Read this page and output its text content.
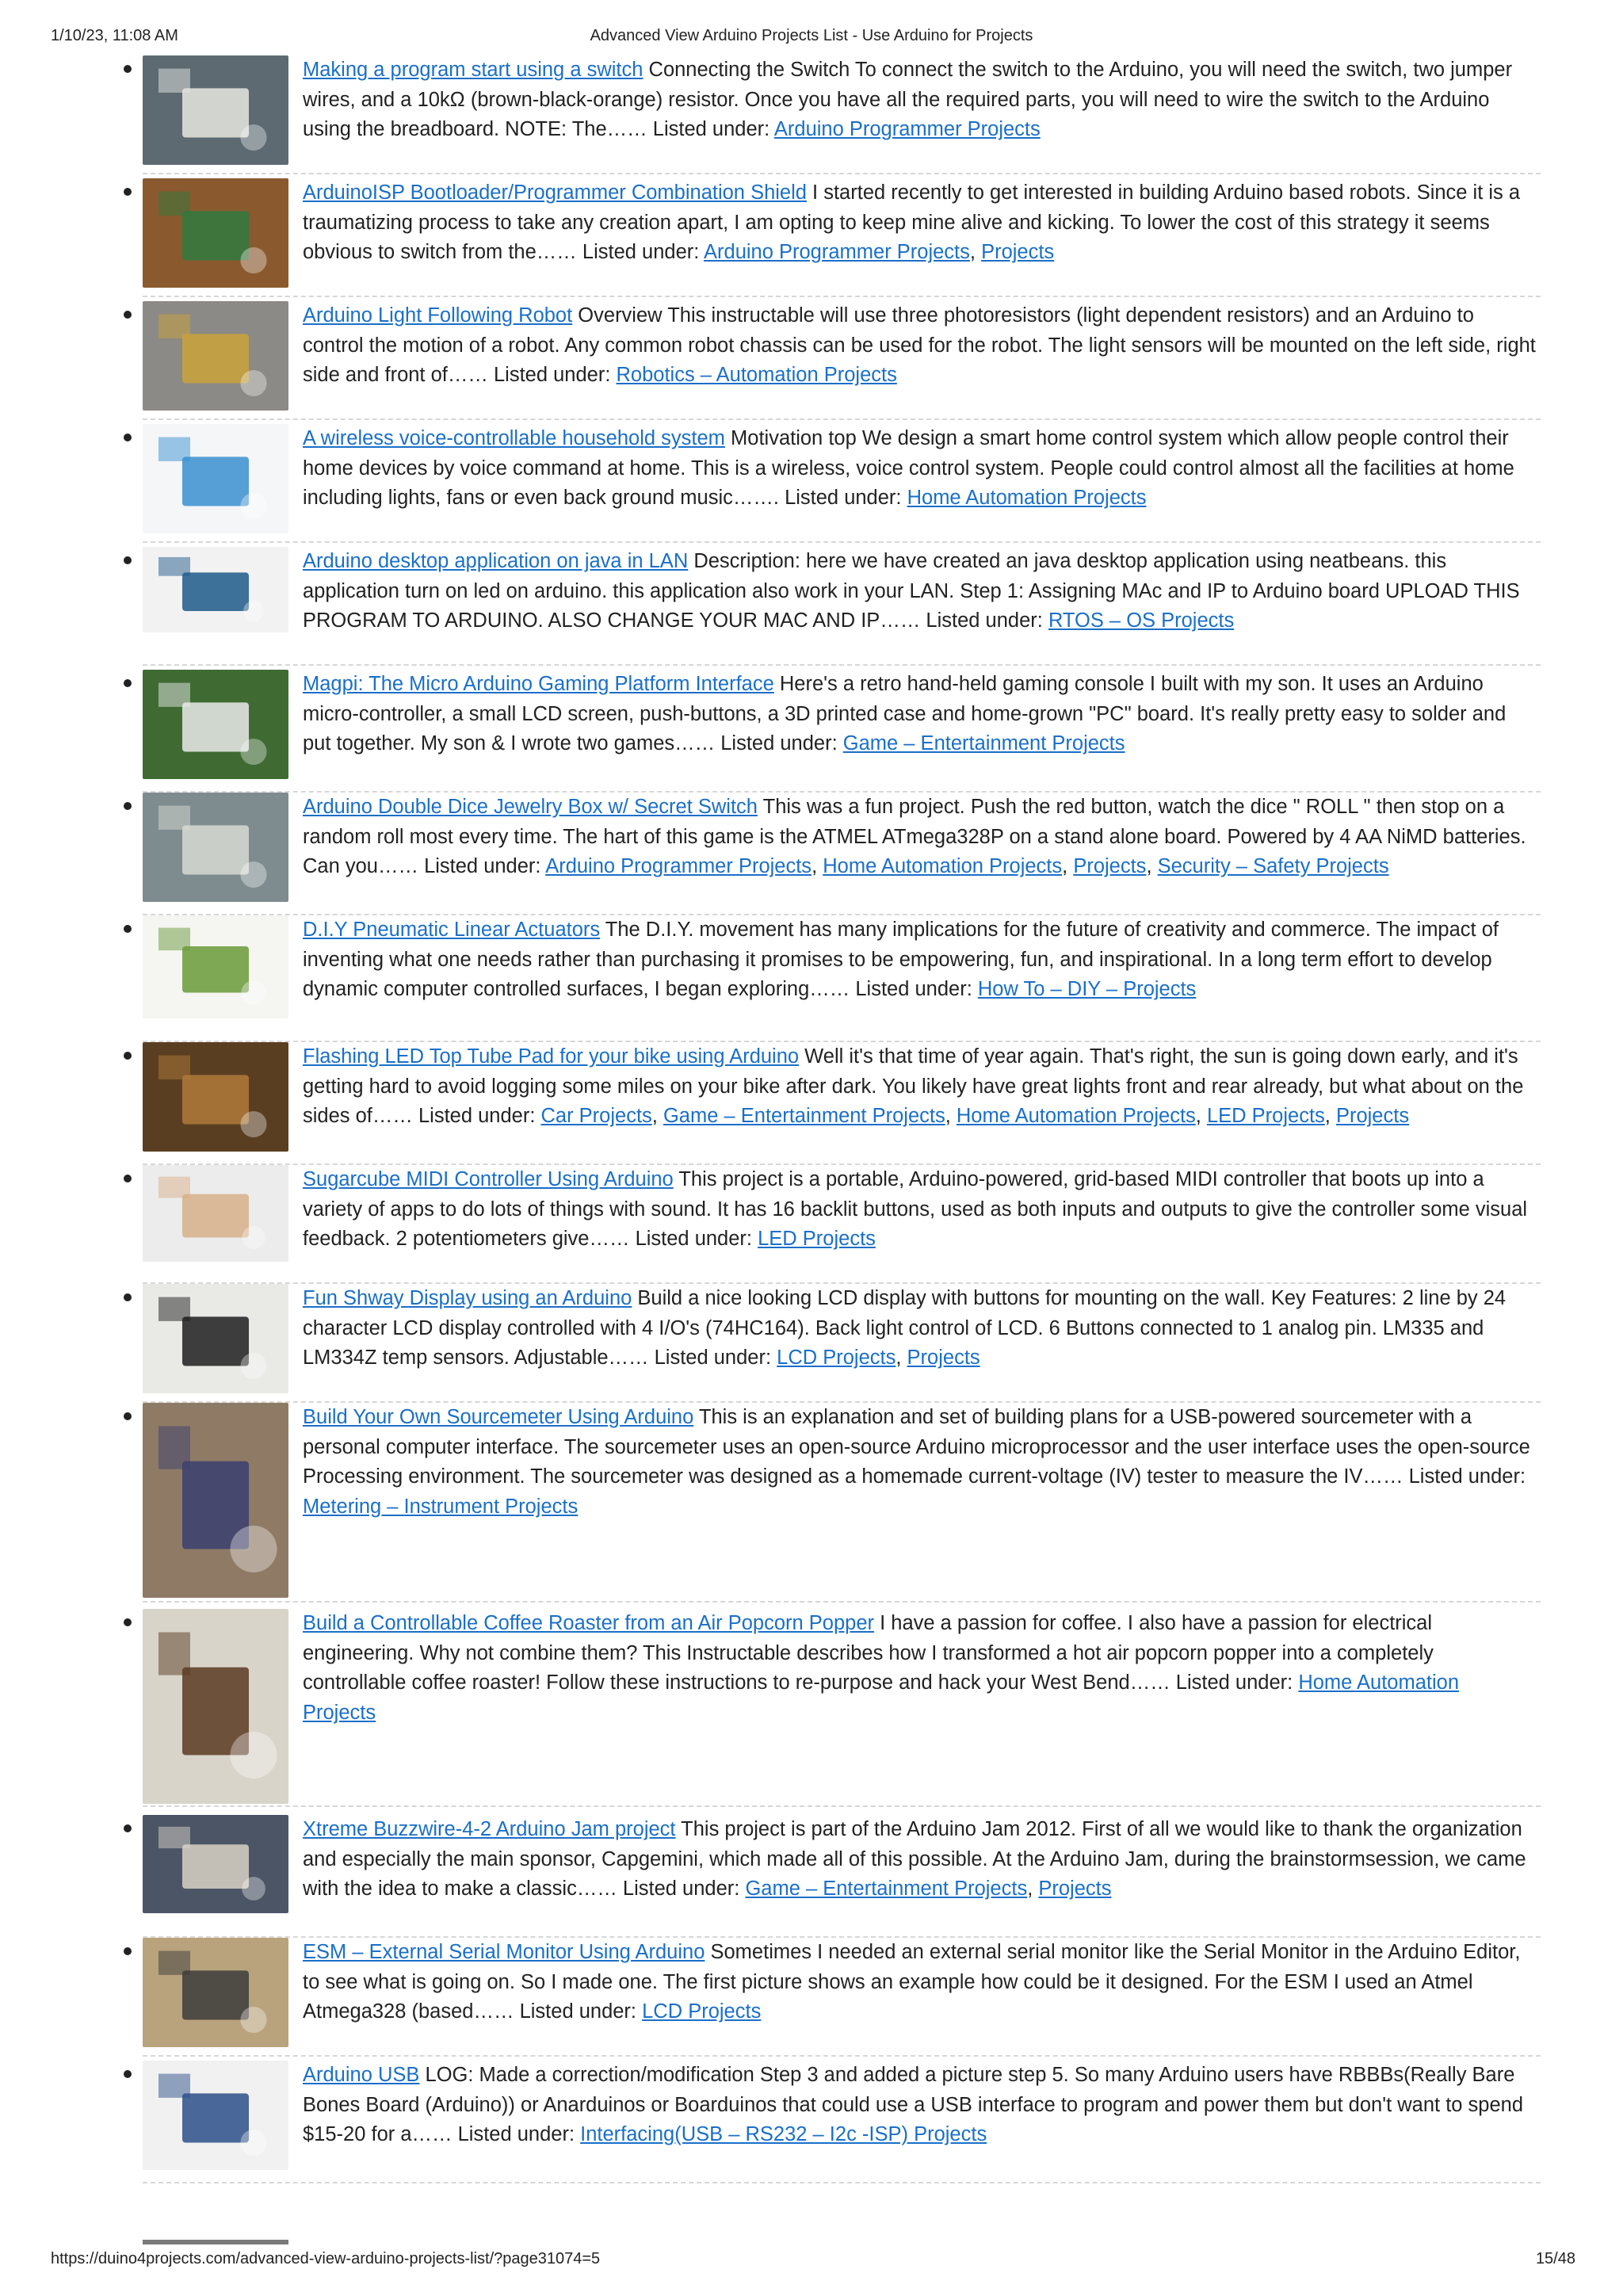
1/10/23, 11:08 AM	Advanced View Arduino Projects List - Use Arduino for Projects
Making a program start using a switch Connecting the Switch To connect the switch to the Arduino, you will need the switch, two jumper wires, and a 10kΩ (brown-black-orange) resistor. Once you have all the required parts, you will need to wire the switch to the Arduino using the breadboard. NOTE: The…… Listed under: Arduino Programmer Projects
ArduinoISP Bootloader/Programmer Combination Shield I started recently to get interested in building Arduino based robots. Since it is a traumatizing process to take any creation apart, I am opting to keep mine alive and kicking. To lower the cost of this strategy it seems obvious to switch from the…… Listed under: Arduino Programmer Projects, Projects
Arduino Light Following Robot Overview This instructable will use three photoresistors (light dependent resistors) and an Arduino to control the motion of a robot. Any common robot chassis can be used for the robot. The light sensors will be mounted on the left side, right side and front of…… Listed under: Robotics – Automation Projects
A wireless voice-controllable household system Motivation top We design a smart home control system which allow people control their home devices by voice command at home. This is a wireless, voice control system. People could control almost all the facilities at home including lights, fans or even back ground music……. Listed under: Home Automation Projects
Arduino desktop application on java in LAN Description: here we have created an java desktop application using neatbeans. this application turn on led on arduino. this application also work in your LAN. Step 1: Assigning MAc and IP to Arduino board UPLOAD THIS PROGRAM TO ARDUINO. ALSO CHANGE YOUR MAC AND IP…… Listed under: RTOS – OS Projects
Magpi: The Micro Arduino Gaming Platform Interface Here's a retro hand-held gaming console I built with my son. It uses an Arduino micro-controller, a small LCD screen, push-buttons, a 3D printed case and home-grown "PC" board. It's really pretty easy to solder and put together. My son & I wrote two games…… Listed under: Game – Entertainment Projects
Arduino Double Dice Jewelry Box w/ Secret Switch This was a fun project. Push the red button, watch the dice " ROLL " then stop on a random roll most every time. The hart of this game is the ATMEL ATmega328P on a stand alone board. Powered by 4 AA NiMD batteries. Can you…… Listed under: Arduino Programmer Projects, Home Automation Projects, Projects, Security – Safety Projects
D.I.Y Pneumatic Linear Actuators The D.I.Y. movement has many implications for the future of creativity and commerce. The impact of inventing what one needs rather than purchasing it promises to be empowering, fun, and inspirational. In a long term effort to develop dynamic computer controlled surfaces, I began exploring…… Listed under: How To – DIY – Projects
Flashing LED Top Tube Pad for your bike using Arduino Well it's that time of year again. That's right, the sun is going down early, and it's getting hard to avoid logging some miles on your bike after dark. You likely have great lights front and rear already, but what about on the sides of…… Listed under: Car Projects, Game – Entertainment Projects, Home Automation Projects, LED Projects, Projects
Sugarcube MIDI Controller Using Arduino This project is a portable, Arduino-powered, grid-based MIDI controller that boots up into a variety of apps to do lots of things with sound. It has 16 backlit buttons, used as both inputs and outputs to give the controller some visual feedback. 2 potentiometers give…… Listed under: LED Projects
Fun Shway Display using an Arduino Build a nice looking LCD display with buttons for mounting on the wall. Key Features: 2 line by 24 character LCD display controlled with 4 I/O's (74HC164). Back light control of LCD. 6 Buttons connected to 1 analog pin. LM335 and LM334Z temp sensors. Adjustable…… Listed under: LCD Projects, Projects
Build Your Own Sourcemeter Using Arduino This is an explanation and set of building plans for a USB-powered sourcemeter with a personal computer interface. The sourcemeter uses an open-source Arduino microprocessor and the user interface uses the open-source Processing environment. The sourcemeter was designed as a homemade current-voltage (IV) tester to measure the IV…… Listed under: Metering – Instrument Projects
Build a Controllable Coffee Roaster from an Air Popcorn Popper I have a passion for coffee. I also have a passion for electrical engineering. Why not combine them? This Instructable describes how I transformed a hot air popcorn popper into a completely controllable coffee roaster! Follow these instructions to re-purpose and hack your West Bend…… Listed under: Home Automation Projects
Xtreme Buzzwire-4-2 Arduino Jam project This project is part of the Arduino Jam 2012. First of all we would like to thank the organization and especially the main sponsor, Capgemini, which made all of this possible. At the Arduino Jam, during the brainstormsession, we came with the idea to make a classic…… Listed under: Game – Entertainment Projects, Projects
ESM – External Serial Monitor Using Arduino Sometimes I needed an external serial monitor like the Serial Monitor in the Arduino Editor, to see what is going on. So I made one. The first picture shows an example how could be it designed. For the ESM I used an Atmel Atmega328 (based…… Listed under: LCD Projects
Arduino USB LOG: Made a correction/modification Step 3 and added a picture step 5. So many Arduino users have RBBBs(Really Bare Bones Board (Arduino)) or Anarduinos or Boarduinos that could use a USB interface to program and power them but don't want to spend $15-20 for a…… Listed under: Interfacing(USB – RS232 – I2c -ISP) Projects
https://duino4projects.com/advanced-view-arduino-projects-list/?page31074=5	15/48
